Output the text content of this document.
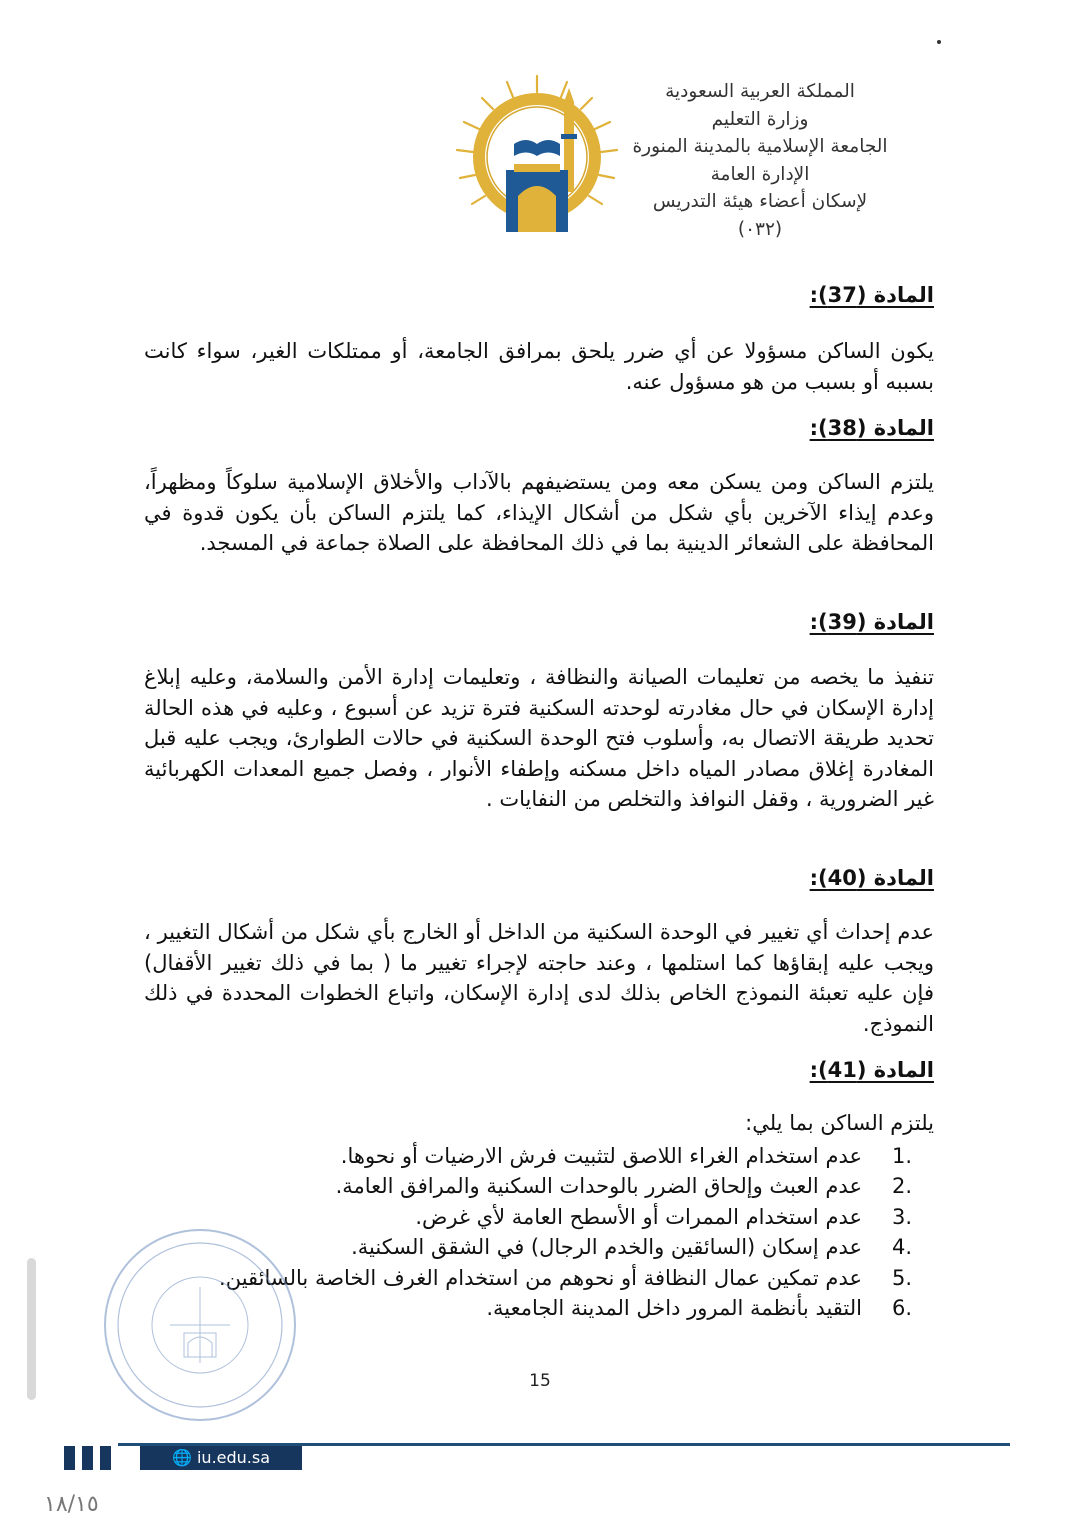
المملكة العربية السعودية
وزارة التعليم
الجامعة الإسلامية بالمدينة المنورة
الإدارة العامة
لإسكان أعضاء هيئة التدريس
(٠٣٢)
المادة (37):

يكون الساكن مسؤولا عن أي ضرر يلحق بمرافق الجامعة، أو ممتلكات الغير، سواء كانت بسببه أو بسبب من هو مسؤول عنه.

المادة (38):

يلتزم الساكن ومن يسكن معه ومن يستضيفهم بالآداب والأخلاق الإسلامية سلوكاً ومظهراً، وعدم إيذاء الآخرين بأي شكل من أشكال الإيذاء، كما يلتزم الساكن بأن يكون قدوة في المحافظة على الشعائر الدينية بما في ذلك المحافظة على الصلاة جماعة في المسجد.

المادة (39):

تنفيذ ما يخصه من تعليمات الصيانة والنظافة ، وتعليمات إدارة الأمن والسلامة، وعليه إبلاغ إدارة الإسكان في حال مغادرته لوحدته السكنية فترة تزيد عن أسبوع ، وعليه في هذه الحالة تحديد طريقة الاتصال به، وأسلوب فتح الوحدة السكنية في حالات الطوارئ، ويجب عليه قبل المغادرة إغلاق مصادر المياه داخل مسكنه وإطفاء الأنوار ، وفصل جميع المعدات الكهربائية غير الضرورية ، وقفل النوافذ والتخلص من النفايات .

المادة (40):

عدم إحداث أي تغيير في الوحدة السكنية من الداخل أو الخارج بأي شكل من أشكال التغيير ، ويجب عليه إبقاؤها كما استلمها ، وعند حاجته لإجراء تغيير ما ( بما في ذلك تغيير الأقفال) فإن عليه تعبئة النموذج الخاص بذلك لدى إدارة الإسكان، واتباع الخطوات المحددة في ذلك النموذج.

المادة (41):

يلتزم الساكن بما يلي:

1.
عدم استخدام الغراء اللاصق لتثبيت فرش الارضيات أو نحوها.
2.
عدم العبث وإلحاق الضرر بالوحدات السكنية والمرافق العامة.
3.
عدم استخدام الممرات أو الأسطح العامة لأي غرض.
4.
عدم إسكان (السائقين والخدم الرجال) في الشقق السكنية.
5.
عدم تمكين عمال النظافة أو نحوهم من استخدام الغرف الخاصة بالسائقين.
6.
التقيد بأنظمة المرور داخل المدينة الجامعية.
15
🌐 iu.edu.sa
١٨/١٥
